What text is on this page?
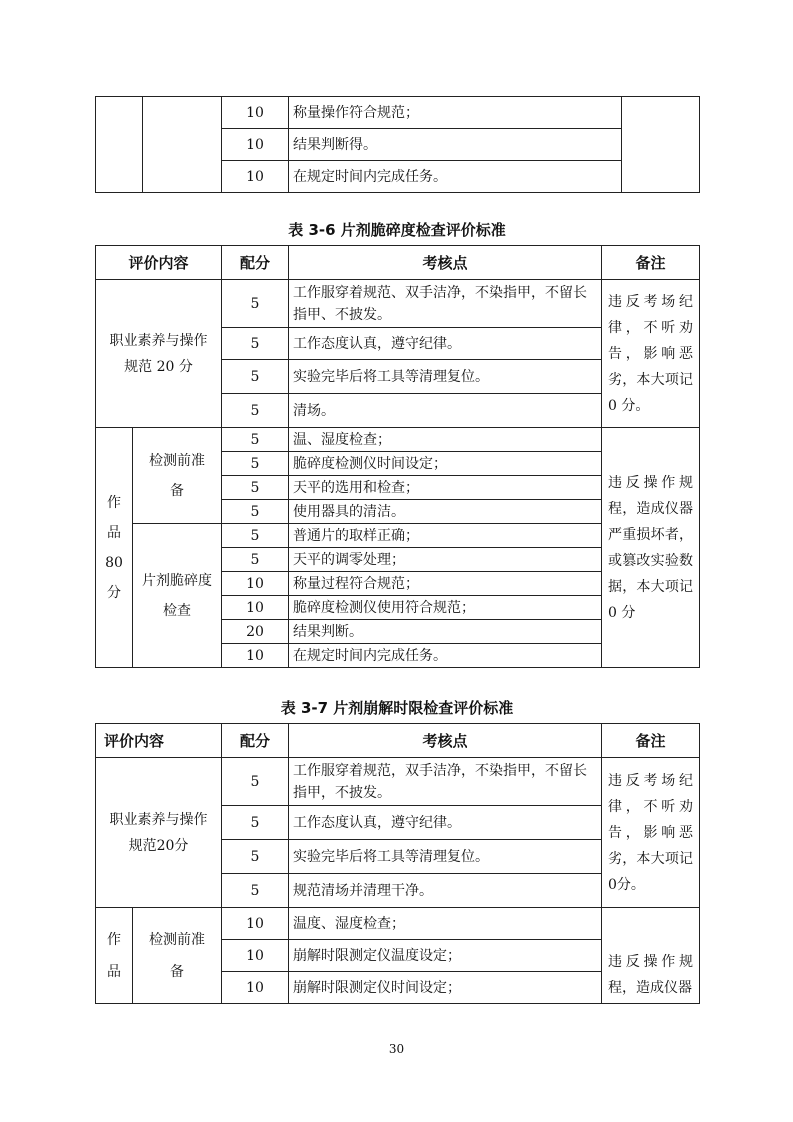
		10	称量操作符合规范；	
		10	结果判断得。	
		10	在规定时间内完成任务。	
表 3-6 片剂脆碎度检查评价标准
评价内容		配分	考核点	备注
职业素养与操作规范 20 分		5	工作服穿着规范、双手洁净，不染指甲，不留长指甲、不披发。	违反考场纪律，不听劝告，影响恶劣，本大项记 0 分。
		5	工作态度认真，遵守纪律。	
		5	实验完毕后将工具等清理复位。	
		5	清场。	
作品80分	检测前准备	5	温、湿度检查；	违反操作规程，造成仪器严重损坏者，或篡改实验数据，本大项记 0 分
		5	脆碎度检测仪时间设定；	
		5	天平的选用和检查；	
		5	使用器具的清洁。	
	片剂脆碎度检查	5	普通片的取样正确；	
		5	天平的调零处理；	
		10	称量过程符合规范；	
		10	脆碎度检测仪使用符合规范；	
		20	结果判断。	
		10	在规定时间内完成任务。	
表 3-7 片剂崩解时限检查评价标准
评价内容		配分	考核点	备注
职业素养与操作规范20分		5	工作服穿着规范，双手洁净，不染指甲，不留长指甲，不披发。	违反考场纪律，不听劝告，影响恶劣，本大项记0分。
		5	工作态度认真，遵守纪律。	
		5	实验完毕后将工具等清理复位。	
		5	规范清场并清理干净。	
作品	检测前准备	10	温度、湿度检查；	违反操作规程，造成仪器
		10	崩解时限测定仪温度设定；	
		10	崩解时限测定仪时间设定；	
30
